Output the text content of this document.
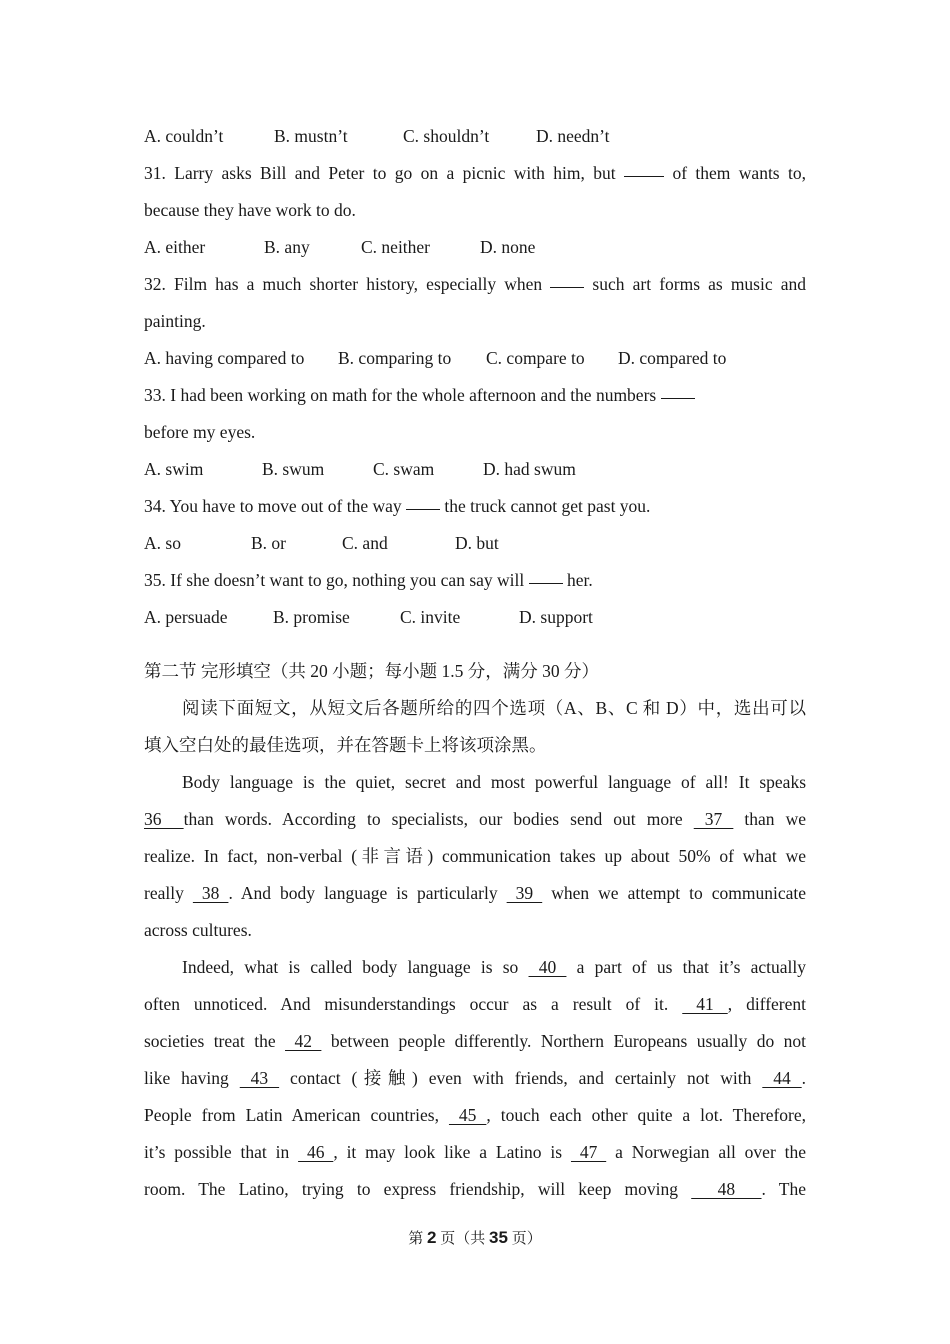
A. couldn’t	B. mustn’t	C. shouldn’t	D. needn’t
31. Larry asks Bill and Peter to go on a picnic with him, but	of them wants to,
because they have work to do.
A. either	B. any	C. neither	D. none
32. Film has a much shorter history, especially when	such art forms as music and
painting.
A. having compared to B. comparing to C. compare to D. compared to
33. I had been working on math for the whole afternoon and the numbers
before my eyes.
A. swim	B. swum	C. swam	D. had swum
34. You have to move out of the way the truck cannot get past you.
A. so	B. or	C. and	D. but
35. If she doesn’t want to go, nothing you can say will her.
A. persuade	B. promise	C. invite	D. support
第二节 完形填空（共 20 小题；每小题 1.5 分，满分 30 分）
阅读下面短文，从短文后各题所给的四个选项（A、B、C 和 D）中，选出可以
填入空白处的最佳选项，并在答题卡上将该项涂黑。
Body language is the quiet, secret and most powerful language of all! It speaks
36  than words. According to specialists, our bodies send out more  37  than we
realize. In fact, non-verbal (非言语) communication takes up about 50% of what we
really  38 . And body language is particularly  39  when we attempt to communicate
across cultures.
Indeed, what is called body language is so  40  a part of us that it’s actually
often unnoticed. And misunderstandings occur as a result of it.  41 , different
societies treat the  42  between people differently. Northern Europeans usually do not
like having  43  contact (接触) even with friends, and certainly not with  44 .
People from Latin American countries,  45 , touch each other quite a lot. Therefore,
it’s possible that in  46 , it may look like a Latino is  47  a Norwegian all over the
room. The Latino, trying to express friendship, will keep moving   48  . The
第 2 页（共 35 页）
